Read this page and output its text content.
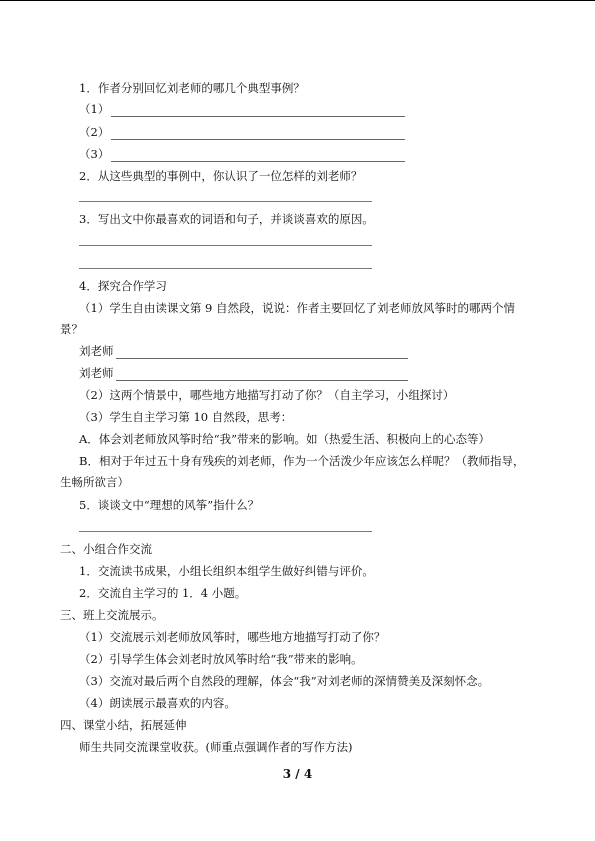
1．作者分别回忆刘老师的哪几个典型事例？
（1）
（2）
（3）
2．从这些典型的事例中，你认识了一位怎样的刘老师？
3．写出文中你最喜欢的词语和句子，并谈谈喜欢的原因。
4．探究合作学习
（1）学生自由读课文第 9 自然段，说说：作者主要回忆了刘老师放风筝时的哪两个情
景？
刘老师
刘老师
（2）这两个情景中，哪些地方地描写打动了你？（自主学习，小组探讨）
（3）学生自主学习第 10 自然段，思考：
A．体会刘老师放风筝时给“我”带来的影响。如（热爱生活、积极向上的心态等）
B．相对于年过五十身有残疾的刘老师，作为一个活泼少年应该怎么样呢？（教师指导，
生畅所欲言）
5．谈谈文中“理想的风筝”指什么？
二、小组合作交流
1．交流读书成果，小组长组织本组学生做好纠错与评价。
2．交流自主学习的 1．4 小题。
三、班上交流展示。
（1）交流展示刘老师放风筝时，哪些地方地描写打动了你？
（2）引导学生体会刘老时放风筝时给“我”带来的影响。
（3）交流对最后两个自然段的理解，体会“我”对刘老师的深情赞美及深刻怀念。
（4）朗读展示最喜欢的内容。
四、课堂小结，拓展延伸
师生共同交流课堂收获。(师重点强调作者的写作方法)
3 / 4
